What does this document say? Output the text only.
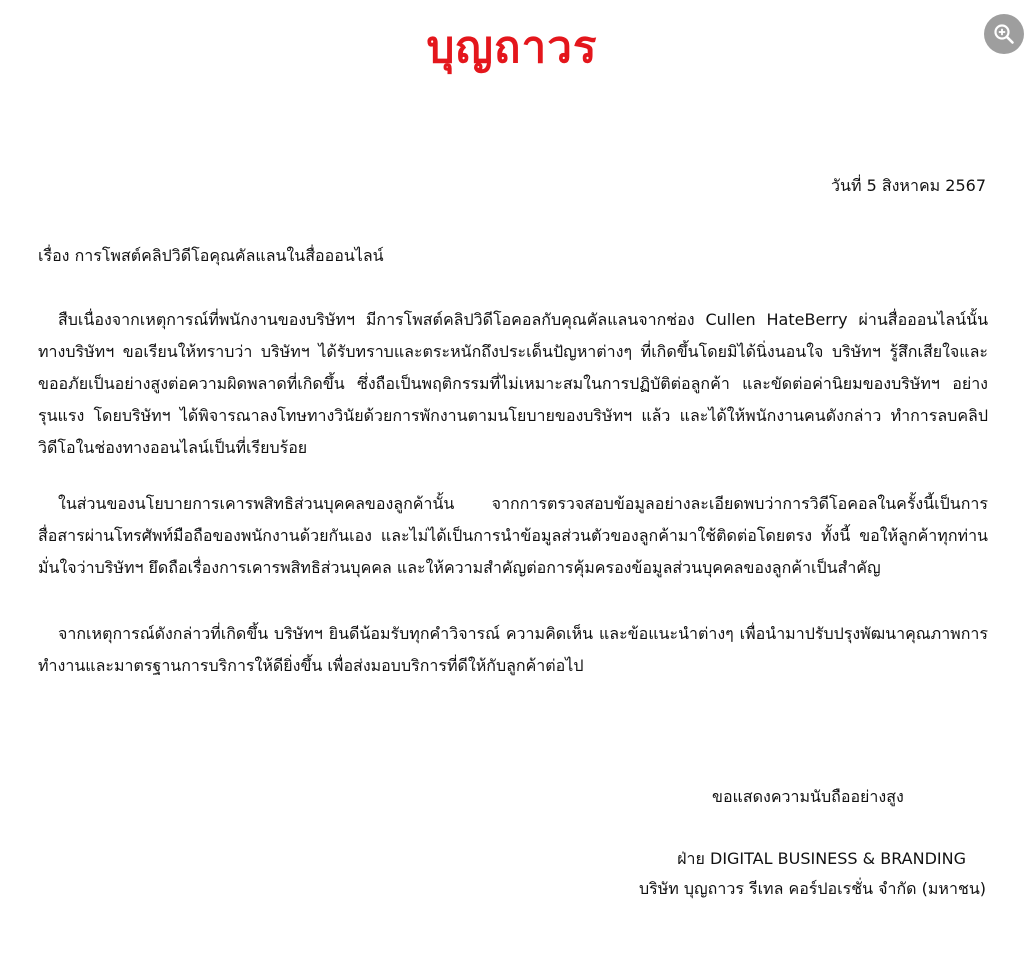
บุญถาวร
วันที่ 5 สิงหาคม 2567
เรื่อง การโพสต์คลิปวิดีโอคุณคัลแลนในสื่อออนไลน์

สืบเนื่องจากเหตุการณ์ที่พนักงานของบริษัทฯ มีการโพสต์คลิปวิดีโอคอลกับคุณคัลแลนจากช่อง Cullen HateBerry ผ่านสื่อออนไลน์นั้น ทางบริษัทฯ ขอเรียนให้ทราบว่า บริษัทฯ ได้รับทราบและตระหนักถึงประเด็นปัญหาต่างๆ ที่เกิดขึ้นโดยมิได้นิ่งนอนใจ บริษัทฯ รู้สึกเสียใจและขออภัยเป็นอย่างสูงต่อความผิดพลาดที่เกิดขึ้น ซึ่งถือเป็นพฤติกรรมที่ไม่เหมาะสมในการปฏิบัติต่อลูกค้า และขัดต่อค่านิยมของบริษัทฯ อย่างรุนแรง โดยบริษัทฯ ได้พิจารณาลงโทษทางวินัยด้วยการพักงานตามนโยบายของบริษัทฯ แล้ว และได้ให้พนักงานคนดังกล่าว ทำการลบคลิปวิดีโอในช่องทางออนไลน์เป็นที่เรียบร้อย

ในส่วนของนโยบายการเคารพสิทธิส่วนบุคคลของลูกค้านั้น จากการตรวจสอบข้อมูลอย่างละเอียดพบว่าการวิดีโอคอลในครั้งนี้เป็นการสื่อสารผ่านโทรศัพท์มือถือของพนักงานด้วยกันเอง และไม่ได้เป็นการนำข้อมูลส่วนตัวของลูกค้ามาใช้ติดต่อโดยตรง ทั้งนี้ ขอให้ลูกค้าทุกท่านมั่นใจว่าบริษัทฯ ยึดถือเรื่องการเคารพสิทธิส่วนบุคคล และให้ความสำคัญต่อการคุ้มครองข้อมูลส่วนบุคคลของลูกค้าเป็นสำคัญ

จากเหตุการณ์ดังกล่าวที่เกิดขึ้น บริษัทฯ ยินดีน้อมรับทุกคำวิจารณ์ ความคิดเห็น และข้อแนะนำต่างๆ เพื่อนำมาปรับปรุงพัฒนาคุณภาพการทำงานและมาตรฐานการบริการให้ดียิ่งขึ้น เพื่อส่งมอบบริการที่ดีให้กับลูกค้าต่อไป

ขอแสดงความนับถืออย่างสูง
ฝ่าย DIGITAL BUSINESS & BRANDING
บริษัท บุญถาวร รีเทล คอร์ปอเรชั่น จำกัด (มหาชน)
